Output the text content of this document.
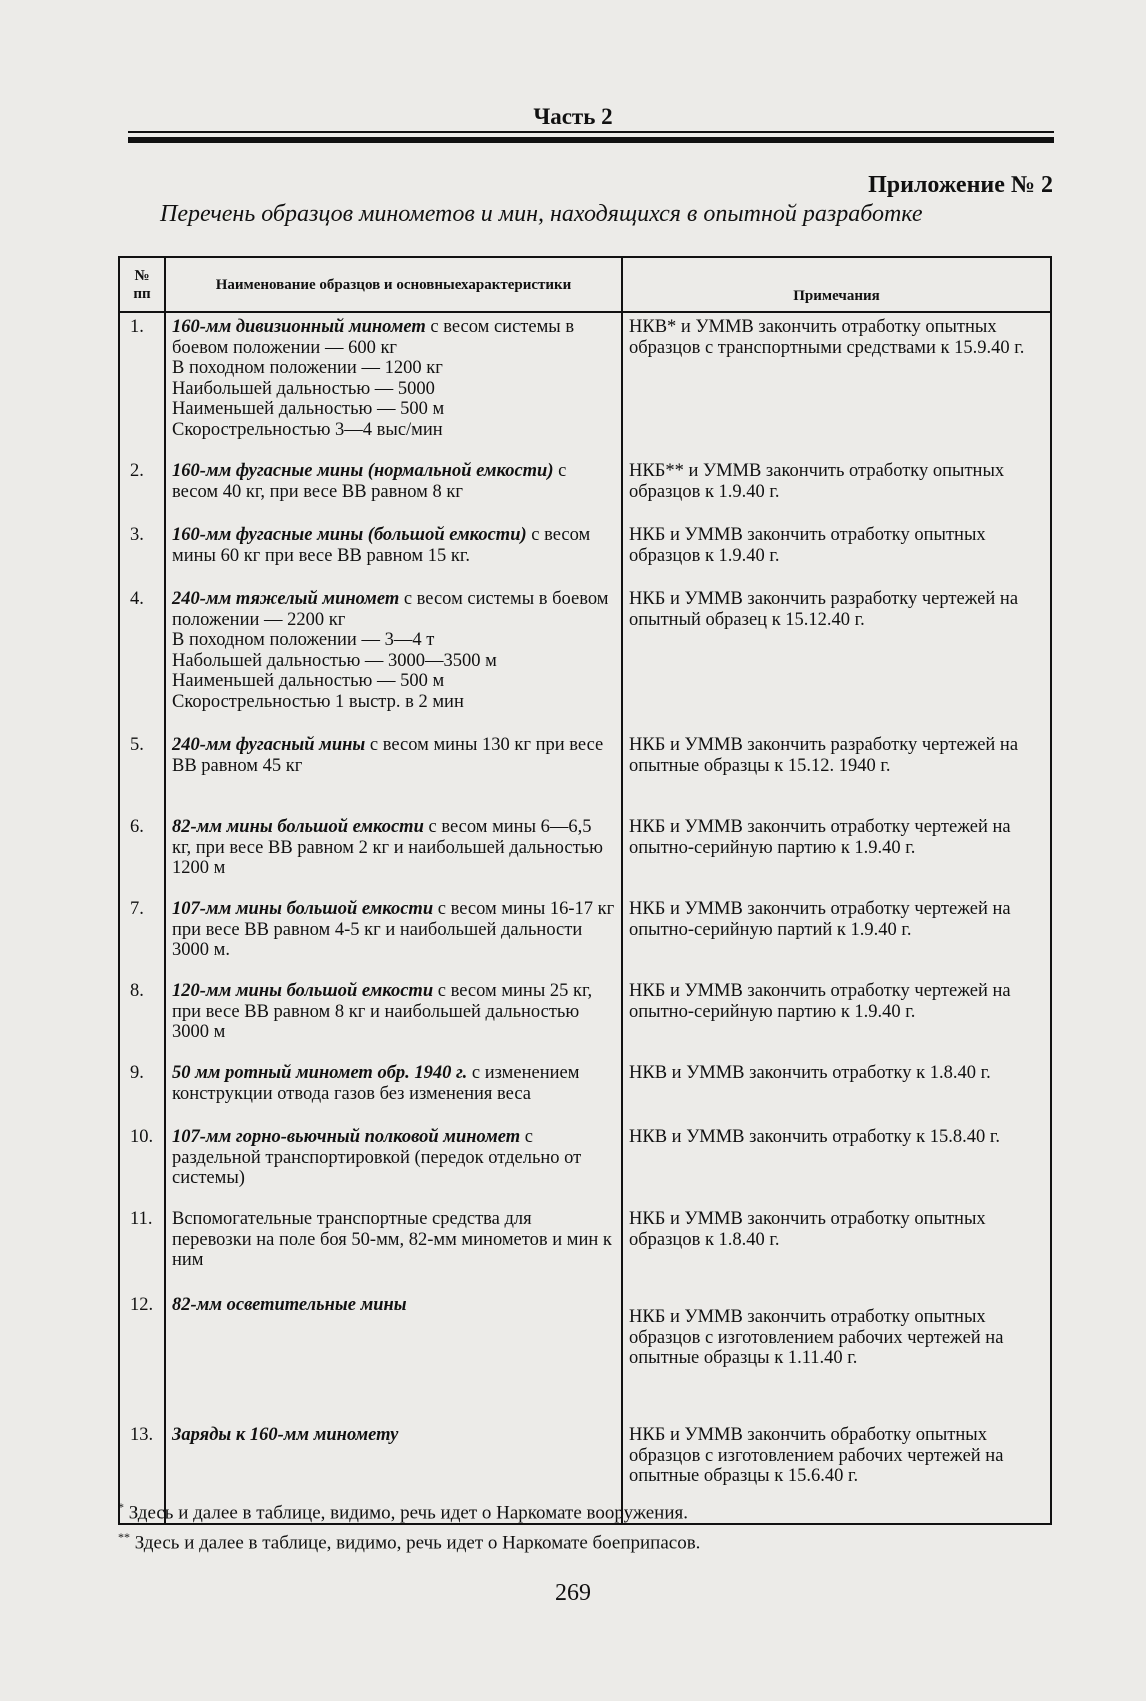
Часть 2
Приложение № 2
Перечень образцов минометов и мин, находящихся в опытной разработке
№ пп	Наименование образцов и основныехарактеристики	Примечания
1.	160-мм дивизионный миномет с весом системы в боевом положении — 600 кг
В походном положении — 1200 кг
Наибольшей дальностью — 5000
Наименьшей дальностью — 500 м
Скорострельностью 3—4 выс/мин	НКВ* и УММВ закончить отработку опытных образцов с транспортными средствами к 15.9.40 г.
2.	160-мм фугасные мины (нормальной емкости) с весом 40 кг, при весе ВВ равном 8 кг	НКБ** и УММВ закончить отработку опытных образцов к 1.9.40 г.
3.	160-мм фугасные мины (большой емкости) с весом мины 60 кг при весе ВВ равном 15 кг.	НКБ и УММВ закончить отработку опытных образцов к 1.9.40 г.
4.	240-мм тяжелый миномет с весом системы в боевом положении — 2200 кг
В походном положении — 3—4 т
Набольшей дальностью — 3000—3500 м
Наименьшей дальностью — 500 м
Скорострельностью 1 выстр. в 2 мин	НКБ и УММВ закончить разработку чертежей на опытный образец к 15.12.40 г.
5.	240-мм фугасный мины с весом мины 130 кг при весе ВВ равном 45 кг	НКБ и УММВ закончить разработку чертежей на опытные образцы к 15.12. 1940 г.
6.	82-мм мины большой емкости с весом мины 6—6,5 кг, при весе ВВ равном 2 кг и наибольшей дальностью 1200 м	НКБ и УММВ закончить отработку чертежей на опытно-серийную партию к 1.9.40 г.
7.	107-мм мины большой емкости с весом мины 16-17 кг при весе ВВ равном 4-5 кг и наибольшей дальности 3000 м.	НКБ и УММВ закончить отработку чертежей на опытно-серийную партий к 1.9.40 г.
8.	120-мм мины большой емкости с весом мины 25 кг, при весе ВВ равном 8 кг и наибольшей дальностью 3000 м	НКБ и УММВ закончить отработку чертежей на опытно-серийную партию к 1.9.40 г.
9.	50 мм ротный миномет обр. 1940 г. с изменением конструкции отвода газов без изменения веса	НКВ и УММВ закончить отработку к 1.8.40 г.
10.	107-мм горно-вьючный полковой миномет с раздельной транспортировкой (передок отдельно от системы)	НКВ и УММВ закончить отработку к 15.8.40 г.
11.	Вспомогательные транспортные средства для перевозки на поле боя 50-мм, 82-мм минометов и мин к ним	НКБ и УММВ закончить отработку опытных образцов к 1.8.40 г.
12.	82-мм осветительные мины	НКБ и УММВ закончить отработку опытных образцов с изготовлением рабочих чертежей на опытные образцы к 1.11.40 г.
13.	Заряды к 160-мм миномету	НКБ и УММВ закончить обработку опытных образцов с изготовлением рабочих чертежей на опытные образцы к 15.6.40 г.
* Здесь и далее в таблице, видимо, речь идет о Наркомате вооружения.
** Здесь и далее в таблице, видимо, речь идет о Наркомате боеприпасов.
269
